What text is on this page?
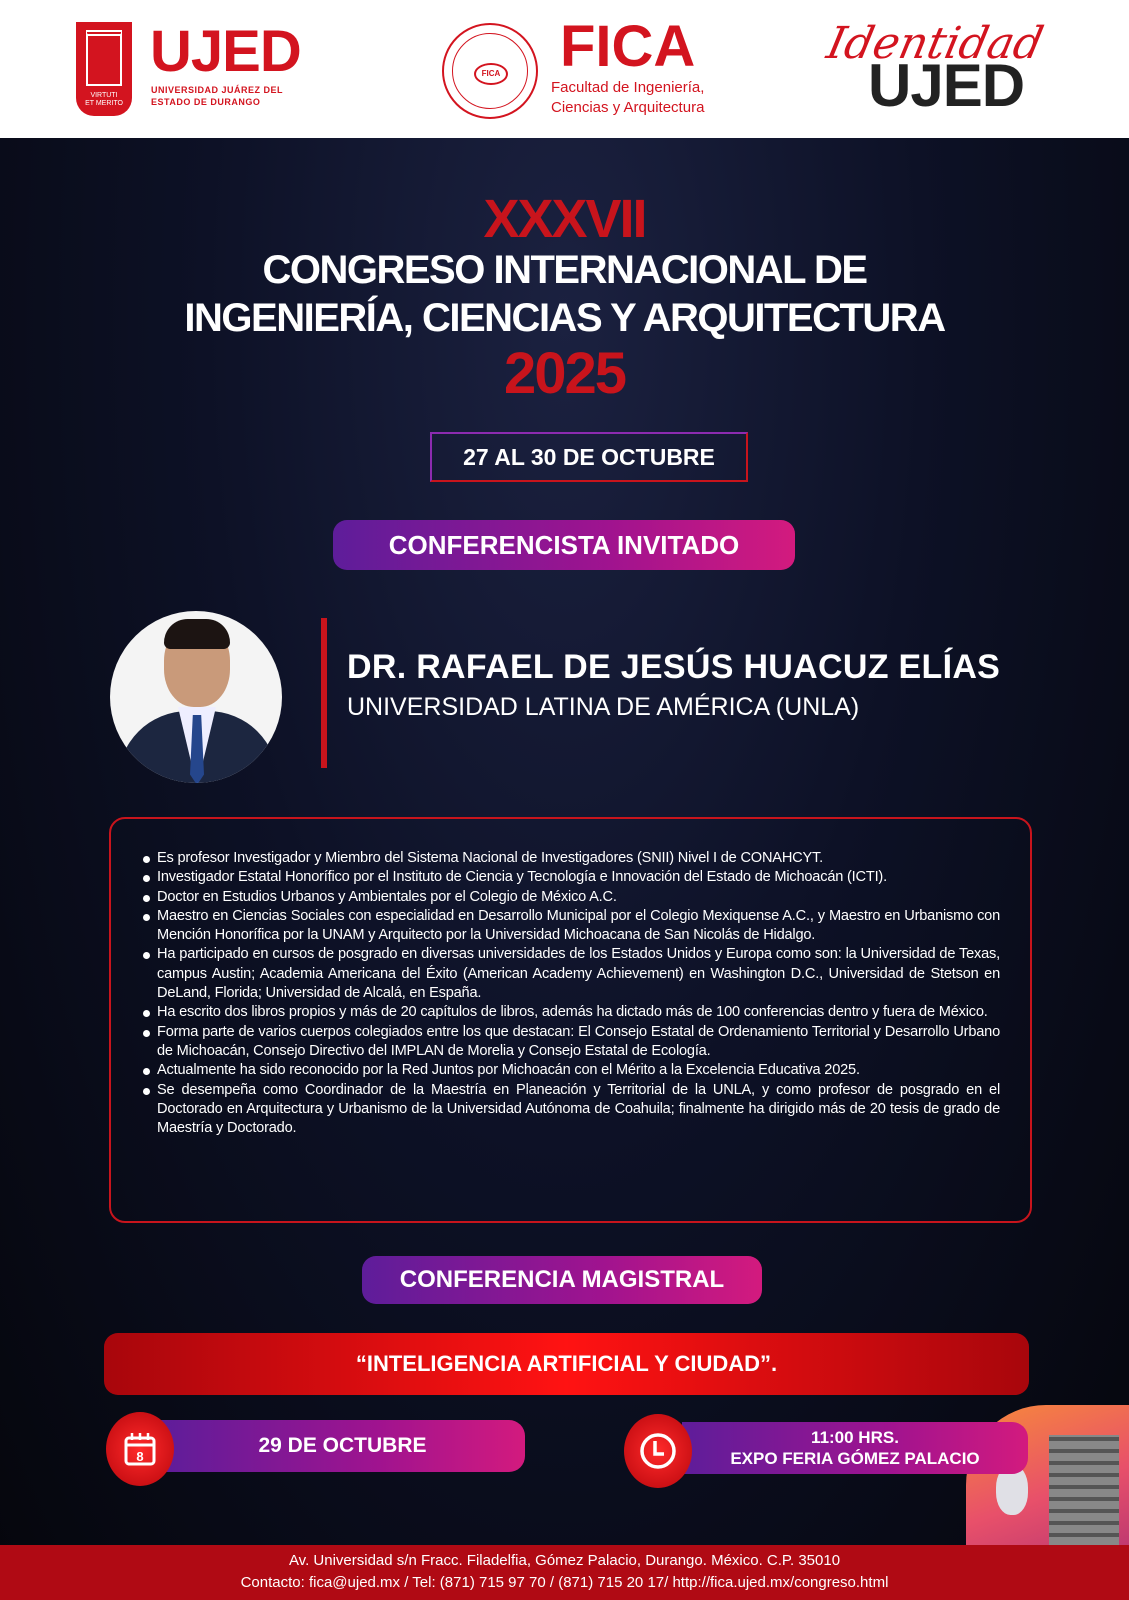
VIRTUTI
ET MERITO
UJED
UNIVERSIDAD JUÁREZ DEL
ESTADO DE DURANGO
FICA FICA
Facultad de Ingeniería,
Ciencias y Arquitectura
Identidad
UJED
XXXVII
CONGRESO INTERNACIONAL DE
INGENIERÍA, CIENCIAS Y ARQUITECTURA
2025
27 AL 30 DE OCTUBRE
CONFERENCISTA INVITADO
DR. RAFAEL DE JESÚS HUACUZ ELÍAS
UNIVERSIDAD LATINA DE AMÉRICA (UNLA)
Es profesor Investigador y Miembro del Sistema Nacional de Investigadores (SNII) Nivel I de CONAHCYT.
Investigador Estatal Honorífico por el Instituto de Ciencia y Tecnología e Innovación del Estado de Michoacán (ICTI).
Doctor en Estudios Urbanos y Ambientales por el Colegio de México A.C.
Maestro en Ciencias Sociales con especialidad en Desarrollo Municipal por el Colegio Mexiquense A.C., y Maestro en Urbanismo con Mención Honorífica por la UNAM y Arquitecto por la Universidad Michoacana de San Nicolás de Hidalgo.
Ha participado en cursos de posgrado en diversas universidades de los Estados Unidos y Europa como son: la Universidad de Texas, campus Austin; Academia Americana del Éxito (American Academy Achievement) en Washington D.C., Universidad de Stetson en DeLand, Florida; Universidad de Alcalá, en España.
Ha escrito dos libros propios y más de 20 capítulos de libros, además ha dictado más de 100 conferencias dentro y fuera de México.
Forma parte de varios cuerpos colegiados entre los que destacan: El Consejo Estatal de Ordenamiento Territorial y Desarrollo Urbano de Michoacán, Consejo Directivo del IMPLAN de Morelia y Consejo Estatal de Ecología.
Actualmente ha sido reconocido por la Red Juntos por Michoacán con el Mérito a la Excelencia Educativa 2025.
Se desempeña como Coordinador de la Maestría en Planeación y Territorial de la UNLA, y como profesor de posgrado en el Doctorado en Arquitectura y Urbanismo de la Universidad Autónoma de Coahuila; finalmente ha dirigido más de 20 tesis de grado de Maestría y Doctorado.
CONFERENCIA MAGISTRAL
“INTELIGENCIA ARTIFICIAL Y CIUDAD”.
8	29 DE OCTUBRE	11:00 HRS.
EXPO FERIA GÓMEZ PALACIO
Av. Universidad s/n Fracc. Filadelfia, Gómez Palacio, Durango. México. C.P. 35010
Contacto: fica@ujed.mx / Tel: (871) 715 97 70 / (871) 715 20 17/ http://fica.ujed.mx/congreso.html
